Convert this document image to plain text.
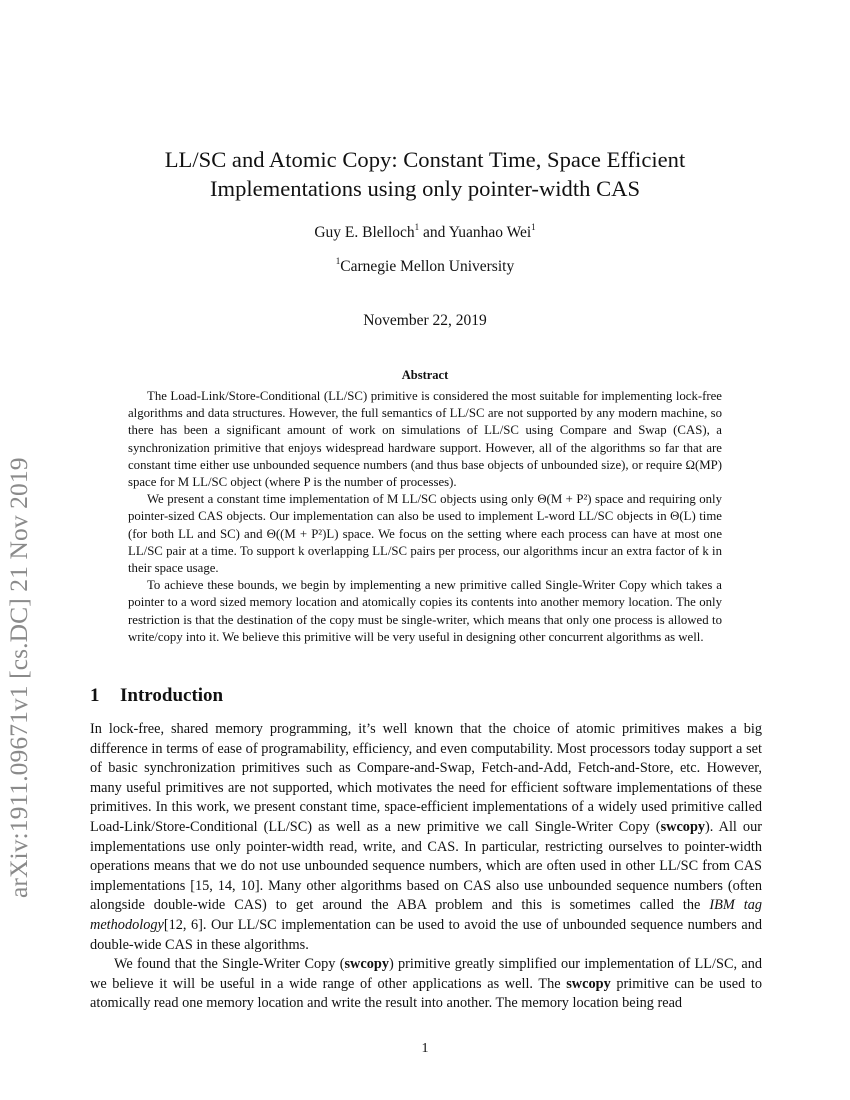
arXiv:1911.09671v1 [cs.DC] 21 Nov 2019
LL/SC and Atomic Copy: Constant Time, Space Efficient
Implementations using only pointer-width CAS
Guy E. Blelloch$^1$ and Yuanhao Wei$^1$
$^1$Carnegie Mellon University
November 22, 2019
Abstract

The Load-Link/Store-Conditional (LL/SC) primitive is considered the most suitable for implementing lock-free algorithms and data structures. However, the full semantics of LL/SC are not supported by any modern machine, so there has been a significant amount of work on simulations of LL/SC using Compare and Swap (CAS), a synchronization primitive that enjoys widespread hardware support. However, all of the algorithms so far that are constant time either use unbounded sequence numbers (and thus base objects of unbounded size), or require Ω(MP) space for M LL/SC object (where P is the number of processes).

We present a constant time implementation of M LL/SC objects using only Θ(M + P²) space and requiring only pointer-sized CAS objects. Our implementation can also be used to implement L-word LL/SC objects in Θ(L) time (for both LL and SC) and Θ((M + P²)L) space. We focus on the setting where each process can have at most one LL/SC pair at a time. To support k overlapping LL/SC pairs per process, our algorithms incur an extra factor of k in their space usage.

To achieve these bounds, we begin by implementing a new primitive called Single-Writer Copy which takes a pointer to a word sized memory location and atomically copies its contents into another memory location. The only restriction is that the destination of the copy must be single-writer, which means that only one process is allowed to write/copy into it. We believe this primitive will be very useful in designing other concurrent algorithms as well.

1 Introduction

In lock-free, shared memory programming, it’s well known that the choice of atomic primitives makes a big difference in terms of ease of programability, efficiency, and even computability. Most processors today support a set of basic synchronization primitives such as Compare-and-Swap, Fetch-and-Add, Fetch-and-Store, etc. However, many useful primitives are not supported, which motivates the need for efficient software implementations of these primitives. In this work, we present constant time, space-efficient implementations of a widely used primitive called Load-Link/Store-Conditional (LL/SC) as well as a new primitive we call Single-Writer Copy (swcopy). All our implementations use only pointer-width read, write, and CAS. In particular, restricting ourselves to pointer-width operations means that we do not use unbounded sequence numbers, which are often used in other LL/SC from CAS implementations [15, 14, 10]. Many other algorithms based on CAS also use unbounded sequence numbers (often alongside double-wide CAS) to get around the ABA problem and this is sometimes called the IBM tag methodology[12, 6]. Our LL/SC implementation can be used to avoid the use of unbounded sequence numbers and double-wide CAS in these algorithms.

We found that the Single-Writer Copy (swcopy) primitive greatly simplified our implementation of LL/SC, and we believe it will be useful in a wide range of other applications as well. The swcopy primitive can be used to atomically read one memory location and write the result into another. The memory location being read

1
